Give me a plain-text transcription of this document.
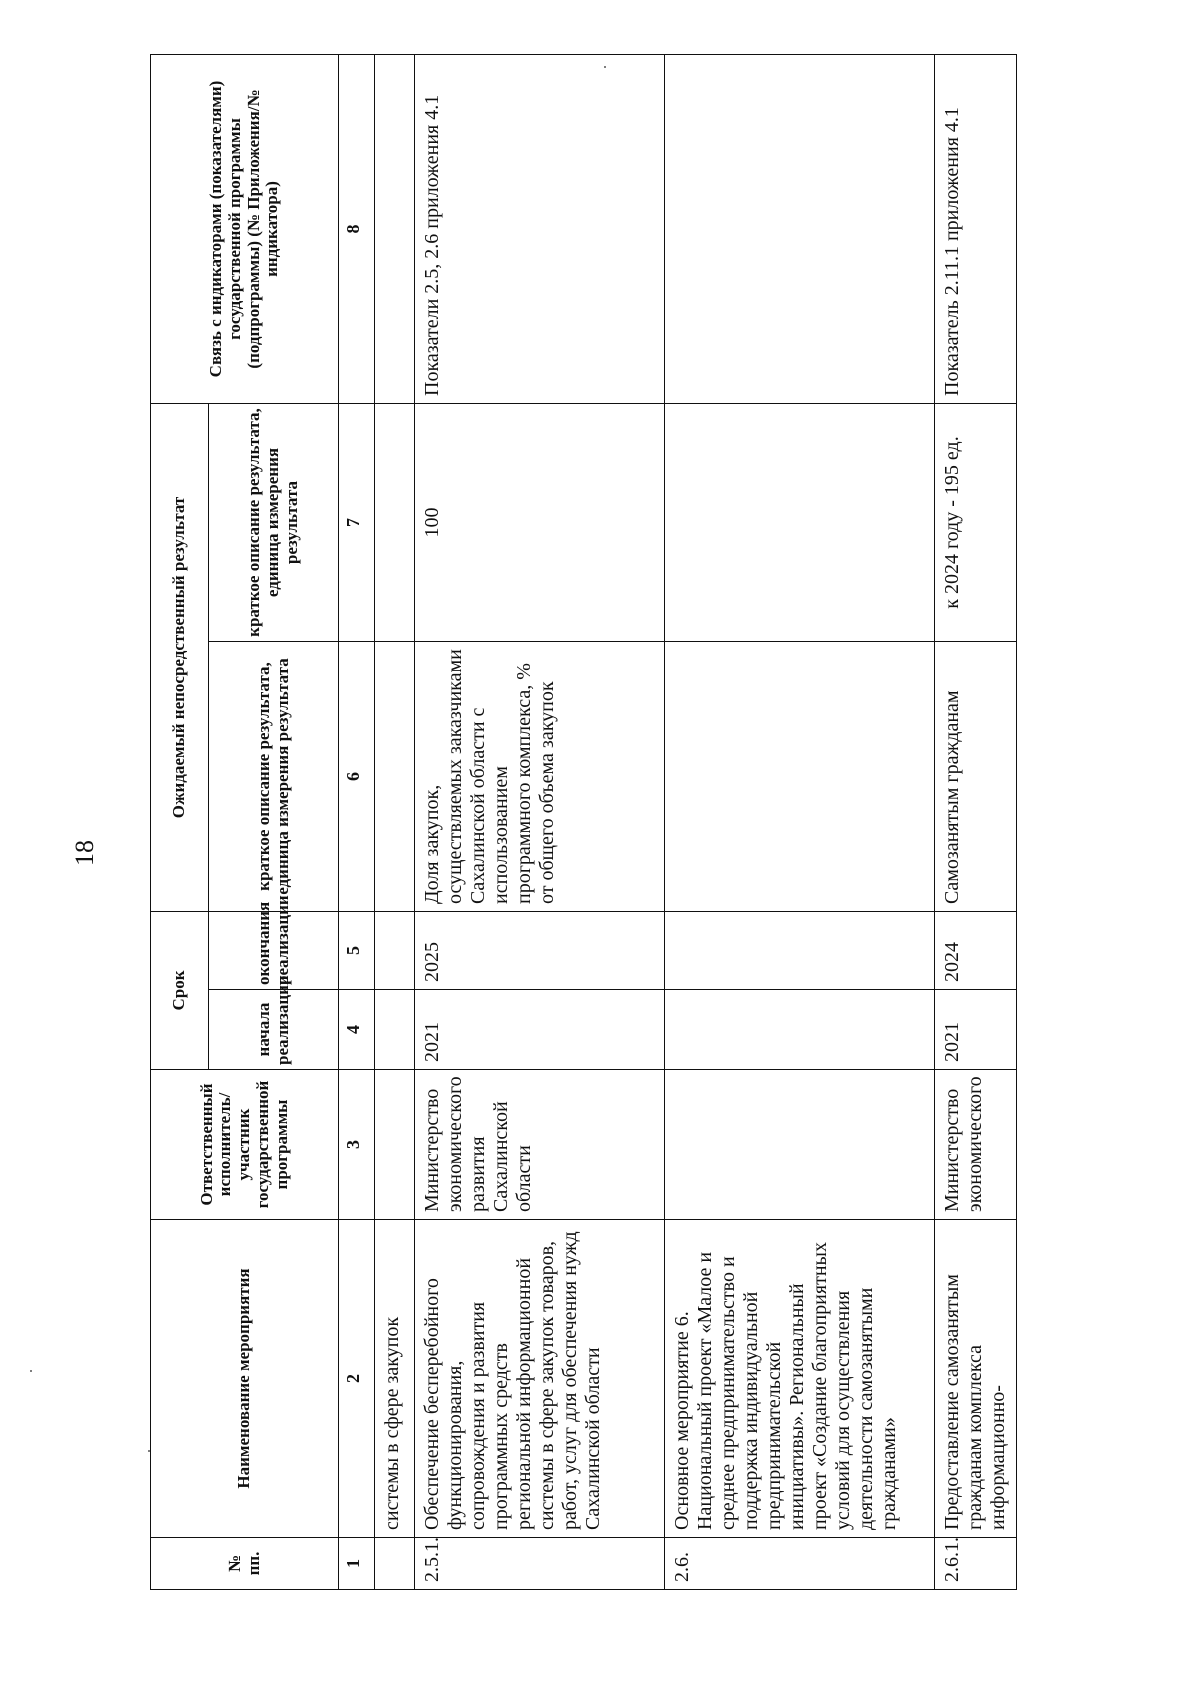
18
№ пп.	Наименование мероприятия	Ответственный исполнитель/участник государственной программы	Срок		Ожидаемый непосредственный результат		Связь с индикаторами (показателями) государственной программы (подпрограммы) (№ Приложения/№ индикатора)
			начала реализации	окончания реализации	краткое описание результата, единица измерения результата	краткое описание результата, единица измерения результата	
1	2	3	4	5	6	7	8
	системы в сфере закупок						
2.5.1.	Обеспечение бесперебойного функционирования, сопровождения и развития программных средств региональной информационной системы в сфере закупок товаров, работ, услуг для обеспечения нужд Сахалинской области	Министерство экономического развития Сахалинской области	2021	2025	Доля закупок, осуществляемых заказчиками Сахалинской области с использованием программного комплекса, % от общего объема закупок	100	Показатели 2.5, 2.6 приложения 4.1
2.6.	Основное мероприятие 6. Национальный проект «Малое и среднее предпринимательство и поддержка индивидуальной предпринимательской инициативы». Региональный проект «Создание благоприятных условий для осуществления деятельности самозанятыми гражданами»						
2.6.1.	Предоставление самозанятым гражданам комплекса информационно-	Министерство экономического	2021	2024	Самозанятым гражданам	к 2024 году - 195 ед.	Показатель 2.11.1 приложения 4.1
